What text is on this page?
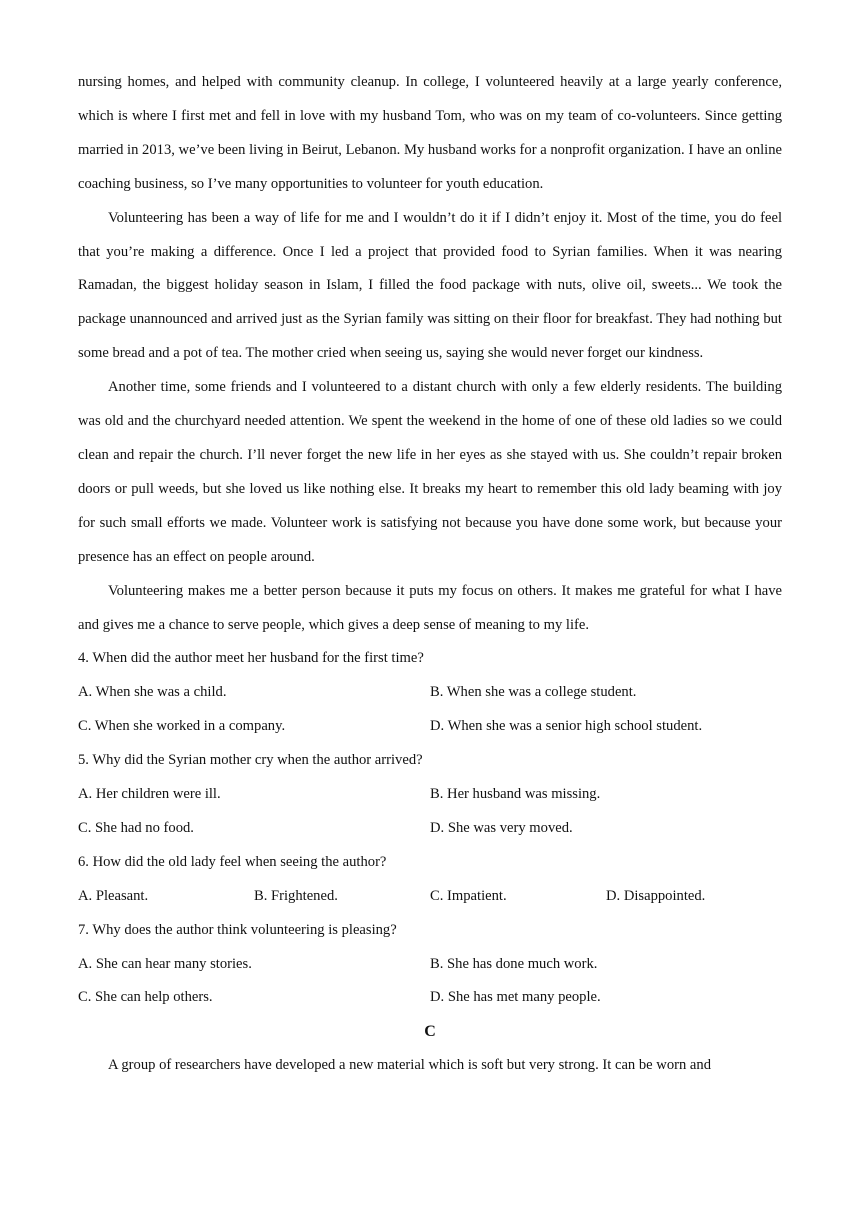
nursing homes, and helped with community cleanup. In college, I volunteered heavily at a large yearly conference, which is where I first met and fell in love with my husband Tom, who was on my team of co-volunteers. Since getting married in 2013, we’ve been living in Beirut, Lebanon. My husband works for a nonprofit organization. I have an online coaching business, so I’ve many opportunities to volunteer for youth education.

Volunteering has been a way of life for me and I wouldn’t do it if I didn’t enjoy it. Most of the time, you do feel that you’re making a difference. Once I led a project that provided food to Syrian families. When it was nearing Ramadan, the biggest holiday season in Islam, I filled the food package with nuts, olive oil, sweets... We took the package unannounced and arrived just as the Syrian family was sitting on their floor for breakfast. They had nothing but some bread and a pot of tea. The mother cried when seeing us, saying she would never forget our kindness.

Another time, some friends and I volunteered to a distant church with only a few elderly residents. The building was old and the churchyard needed attention. We spent the weekend in the home of one of these old ladies so we could clean and repair the church. I’ll never forget the new life in her eyes as she stayed with us. She couldn’t repair broken doors or pull weeds, but she loved us like nothing else. It breaks my heart to remember this old lady beaming with joy for such small efforts we made. Volunteer work is satisfying not because you have done some work, but because your presence has an effect on people around.

Volunteering makes me a better person because it puts my focus on others. It makes me grateful for what I have and gives me a chance to serve people, which gives a deep sense of meaning to my life.

4. When did the author meet her husband for the first time?

A. When she was a child.	B. When she was a college student.
C. When she worked in a company.	D. When she was a senior high school student.

5. Why did the Syrian mother cry when the author arrived?

A. Her children were ill.	B. Her husband was missing.
C. She had no food.	D. She was very moved.

6. How did the old lady feel when seeing the author?

A. Pleasant.	B. Frightened.	C. Impatient.	D. Disappointed.

7. Why does the author think volunteering is pleasing?

A. She can hear many stories.	B. She has done much work.
C. She can help others.	D. She has met many people.

C

A group of researchers have developed a new material which is soft but very strong. It can be worn and
